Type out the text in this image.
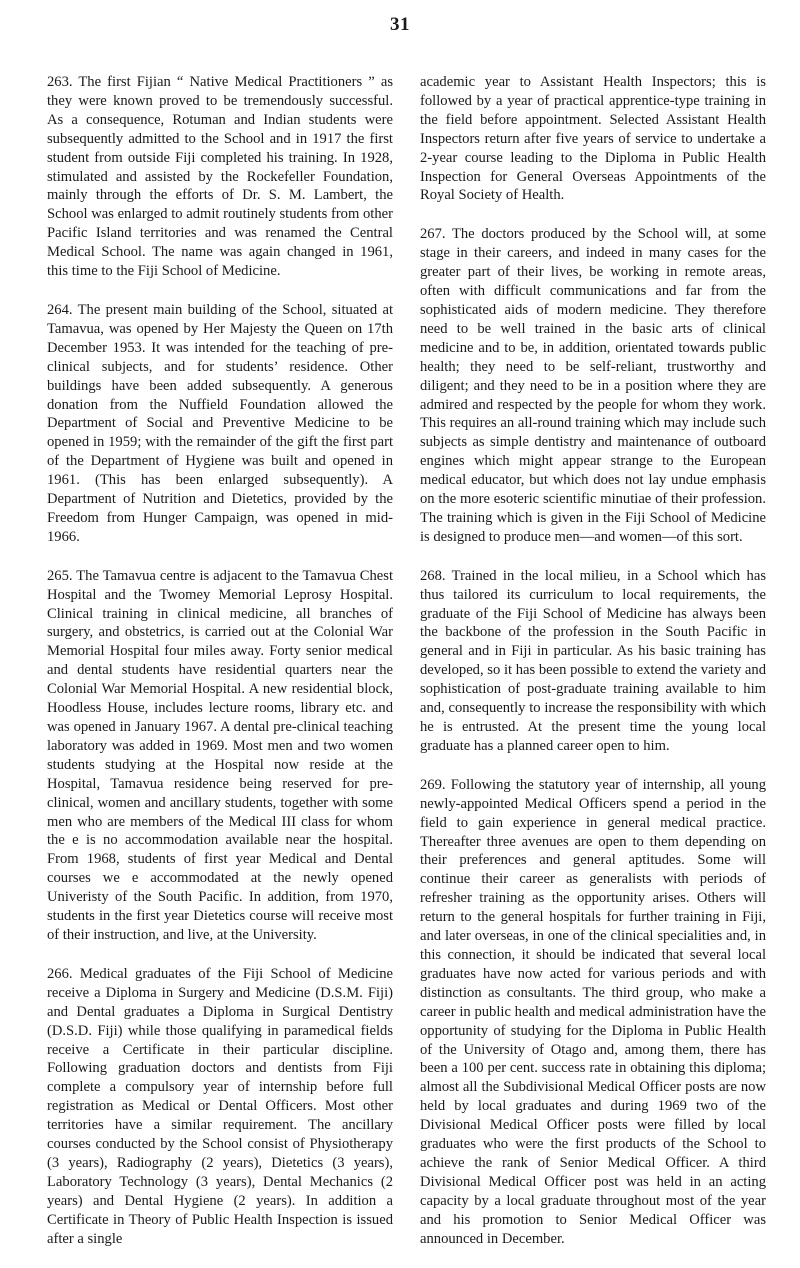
31

263. The first Fijian “ Native Medical Practitioners ” as they were known proved to be tremendously successful. As a consequence, Rotuman and Indian students were subsequently admitted to the School and in 1917 the first student from outside Fiji completed his training. In 1928, stimulated and assisted by the Rockefeller Foundation, mainly through the efforts of Dr. S. M. Lambert, the School was enlarged to admit routinely students from other Pacific Island territories and was renamed the Central Medical School. The name was again changed in 1961, this time to the Fiji School of Medicine.

264. The present main building of the School, situated at Tamavua, was opened by Her Majesty the Queen on 17th December 1953. It was intended for the teaching of pre-clinical subjects, and for students’ residence. Other buildings have been added subsequently. A generous donation from the Nuffield Foundation allowed the Department of Social and Preventive Medicine to be opened in 1959; with the remainder of the gift the first part of the Department of Hygiene was built and opened in 1961. (This has been enlarged subsequently). A Department of Nutrition and Dietetics, provided by the Freedom from Hunger Campaign, was opened in mid-1966.

265. The Tamavua centre is adjacent to the Tamavua Chest Hospital and the Twomey Memorial Leprosy Hospital. Clinical training in clinical medicine, all branches of surgery, and obstetrics, is carried out at the Colonial War Memorial Hospital four miles away. Forty senior medical and dental students have residential quarters near the Colonial War Memorial Hospital. A new residential block, Hoodless House, includes lecture rooms, library etc. and was opened in January 1967. A dental pre-clinical teaching laboratory was added in 1969. Most men and two women students studying at the Hospital now reside at the Hospital, Tamavua residence being reserved for pre-clinical, women and ancillary students, together with some men who are members of the Medical III class for whom the e is no accommodation available near the hospital. From 1968, students of first year Medical and Dental courses we e accommodated at the newly opened Univeristy of the South Pacific. In addition, from 1970, students in the first year Dietetics course will receive most of their instruction, and live, at the University.

266. Medical graduates of the Fiji School of Medicine receive a Diploma in Surgery and Medicine (D.S.M. Fiji) and Dental graduates a Diploma in Surgical Dentistry (D.S.D. Fiji) while those qualifying in paramedical fields receive a Certificate in their particular discipline. Following graduation doctors and dentists from Fiji complete a compulsory year of internship before full registration as Medical or Dental Officers. Most other territories have a similar requirement. The ancillary courses conducted by the School consist of Physiotherapy (3 years), Radiography (2 years), Dietetics (3 years), Laboratory Technology (3 years), Dental Mechanics (2 years) and Dental Hygiene (2 years). In addition a Certificate in Theory of Public Health Inspection is issued after a single

academic year to Assistant Health Inspectors; this is followed by a year of practical apprentice-type training in the field before appointment. Selected Assistant Health Inspectors return after five years of service to undertake a 2-year course leading to the Diploma in Public Health Inspection for General Overseas Appointments of the Royal Society of Health.

267. The doctors produced by the School will, at some stage in their careers, and indeed in many cases for the greater part of their lives, be working in remote areas, often with difficult communications and far from the sophisticated aids of modern medicine. They therefore need to be well trained in the basic arts of clinical medicine and to be, in addition, orientated towards public health; they need to be self-reliant, trustworthy and diligent; and they need to be in a position where they are admired and respected by the people for whom they work. This requires an all-round training which may include such subjects as simple dentistry and maintenance of outboard engines which might appear strange to the European medical educator, but which does not lay undue emphasis on the more esoteric scientific minutiae of their profession. The training which is given in the Fiji School of Medicine is designed to produce men—and women—of this sort.

268. Trained in the local milieu, in a School which has thus tailored its curriculum to local requirements, the graduate of the Fiji School of Medicine has always been the backbone of the profession in the South Pacific in general and in Fiji in particular. As his basic training has developed, so it has been possible to extend the variety and sophistication of post-graduate training available to him and, consequently to increase the responsibility with which he is entrusted. At the present time the young local graduate has a planned career open to him.

269. Following the statutory year of internship, all young newly-appointed Medical Officers spend a period in the field to gain experience in general medical practice. Thereafter three avenues are open to them depending on their preferences and general aptitudes. Some will continue their career as generalists with periods of refresher training as the opportunity arises. Others will return to the general hospitals for further training in Fiji, and later overseas, in one of the clinical specialities and, in this connection, it should be indicated that several local graduates have now acted for various periods and with distinction as consultants. The third group, who make a career in public health and medical administration have the opportunity of studying for the Diploma in Public Health of the University of Otago and, among them, there has been a 100 per cent. success rate in obtaining this diploma; almost all the Subdivisional Medical Officer posts are now held by local graduates and during 1969 two of the Divisional Medical Officer posts were filled by local graduates who were the first products of the School to achieve the rank of Senior Medical Officer. A third Divisional Medical Officer post was held in an acting capacity by a local graduate throughout most of the year and his promotion to Senior Medical Officer was announced in December.
